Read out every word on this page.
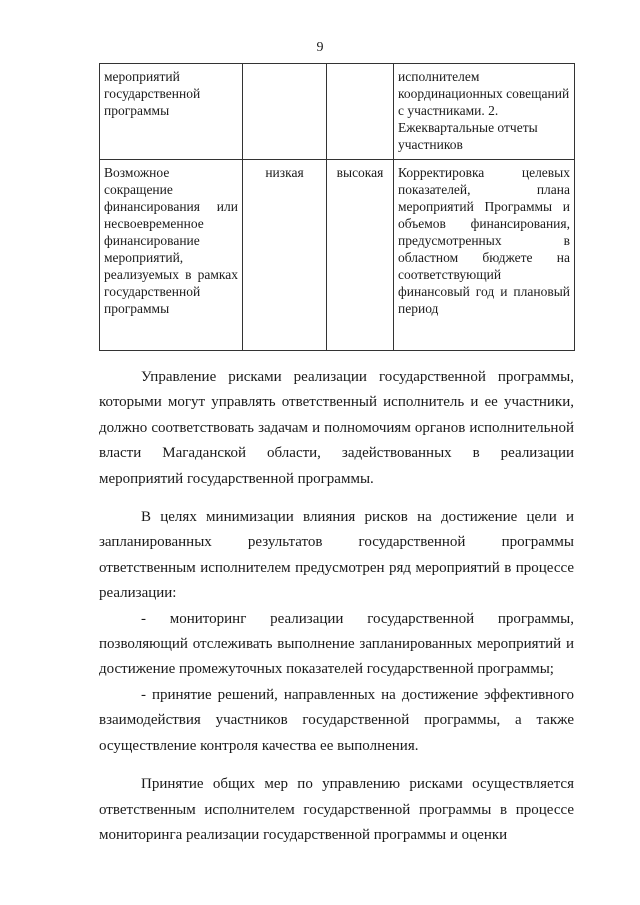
9
мероприятий государственной программы			исполнителем координационных совещаний с участниками. 2. Ежеквартальные отчеты участников
Возможное сокращение финансирования или несвоевременное финансирование мероприятий, реализуемых в рамках государственной программы	низкая	высокая	Корректировка целевых показателей, плана мероприятий Программы и объемов финансирования, предусмотренных в областном бюджете на соответствующий финансовый год и плановый период

Управление рисками реализации государственной программы, которыми могут управлять ответственный исполнитель и ее участники, должно соответствовать задачам и полномочиям органов исполнительной власти Магаданской области, задействованных в реализации мероприятий государственной программы.

В целях минимизации влияния рисков на достижение цели и запланированных результатов государственной программы ответственным исполнителем предусмотрен ряд мероприятий в процессе реализации:

- мониторинг реализации государственной программы, позволяющий отслеживать выполнение запланированных мероприятий и достижение промежуточных показателей государственной программы;

- принятие решений, направленных на достижение эффективного взаимодействия участников государственной программы, а также осуществление контроля качества ее выполнения.

Принятие общих мер по управлению рисками осуществляется ответственным исполнителем государственной программы в процессе мониторинга реализации государственной программы и оценки
